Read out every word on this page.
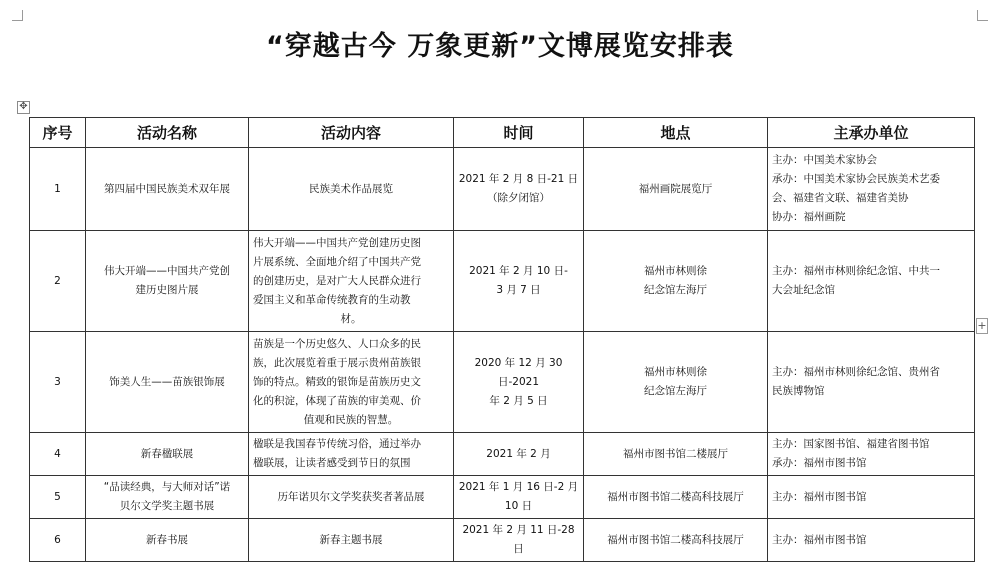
“穿越古今 万象更新”文博展览安排表
✥
+
序号	活动名称	活动内容	时间	地点	主承办单位
1	第四届中国民族美术双年展	民族美术作品展览	2021 年 2 月 8 日-21 日
（除夕闭馆）	福州画院展览厅	主办：中国美术家协会
承办：中国美术家协会民族美术艺委
会、福建省文联、福建省美协
协办：福州画院

2	伟大开端——中国共产党创
建历史图片展	伟大开端——中国共产党创建历史图
片展系统、全面地介绍了中国共产党
的创建历史，是对广大人民群众进行
爱国主义和革命传统教育的生动教
材。	2021 年 2 月 10 日-
3 月 7 日	福州市林则徐
纪念馆左海厅	主办：福州市林则徐纪念馆、中共一
大会址纪念馆

3	饰美人生——苗族银饰展	苗族是一个历史悠久、人口众多的民
族，此次展览着重于展示贵州苗族银
饰的特点。精致的银饰是苗族历史文
化的积淀，体现了苗族的审美观、价
值观和民族的智慧。	2020 年 12 月 30 日-2021
年 2 月 5 日	福州市林则徐
纪念馆左海厅	主办：福州市林则徐纪念馆、贵州省
民族博物馆

4	新春楹联展	楹联是我国春节传统习俗，通过举办
楹联展，让读者感受到节日的氛围	2021 年 2 月	福州市图书馆二楼展厅	主办：国家图书馆、福建省图书馆
承办：福州市图书馆

5	“品读经典，与大师对话”诺
贝尔文学奖主题书展	历年诺贝尔文学奖获奖者著品展	2021 年 1 月 16 日-2 月
10 日	福州市图书馆二楼高科技展厅	主办：福州市图书馆

6	新春书展	新春主题书展	2021 年 2 月 11 日-28 日	福州市图书馆二楼高科技展厅	主办：福州市图书馆
